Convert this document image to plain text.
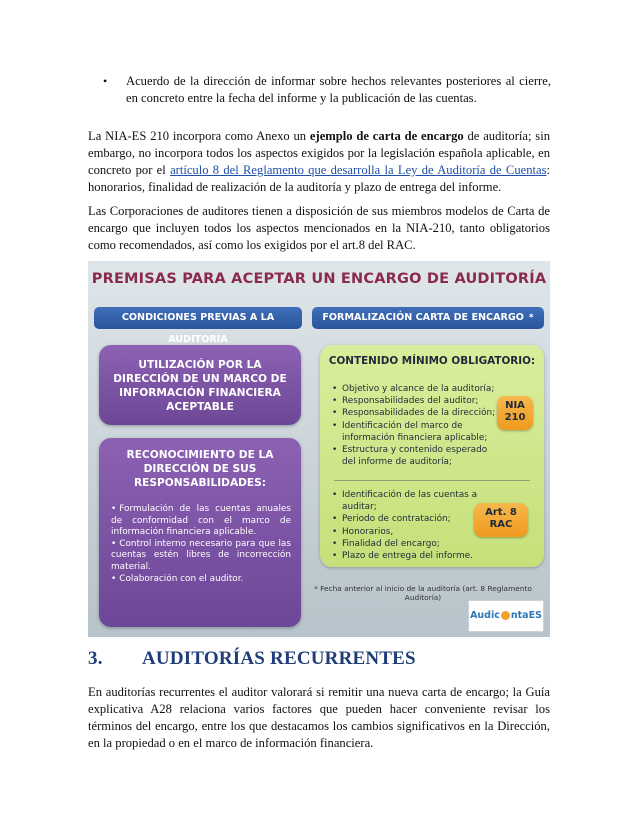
• Acuerdo de la dirección de informar sobre hechos relevantes posteriores al cierre, en concreto entre la fecha del informe y la publicación de las cuentas.

La NIA-ES 210 incorpora como Anexo un ejemplo de carta de encargo de auditoría; sin embargo, no incorpora todos los aspectos exigidos por la legislación española aplicable, en concreto por el artículo 8 del Reglamento que desarrolla la Ley de Auditoría de Cuentas: honorarios, finalidad de realización de la auditoría y plazo de entrega del informe.

Las Corporaciones de auditores tienen a disposición de sus miembros modelos de Carta de encargo que incluyen todos los aspectos mencionados en la NIA-210, tanto obligatorios como recomendados, así como los exigidos por el art.8 del RAC.

PREMISAS PARA ACEPTAR UN ENCARGO DE AUDITORÍA
CONDICIONES PREVIAS A LA AUDITORÍA
FORMALIZACIÓN CARTA DE ENCARGO *
UTILIZACIÓN POR LA DIRECCIÓN DE UN MARCO DE INFORMACIÓN FINANCIERA ACEPTABLE
RECONOCIMIENTO DE LA DIRECCIÓN DE SUS RESPONSABILIDADES:
• Formulación de las cuentas anuales de conformidad con el marco de información financiera aplicable.
• Control interno necesario para que las cuentas estén libres de incorrección material.
• Colaboración con el auditor.
CONTENIDO MÍNIMO OBLIGATORIO:
• Objetivo y alcance de la auditoría;
• Responsabilidades del auditor;
• Responsabilidades de la dirección;
• Identificación del marco de información financiera aplicable;
• Estructura y contenido esperado del informe de auditoría;
• Identificación de las cuentas a auditar;
• Periodo de contratación;
• Honorarios,
• Finalidad del encargo;
• Plazo de entrega del informe.
NIA
210
Art. 8
RAC
* Fecha anterior al inicio de la auditoría (art. 8 Reglamento Auditoría)
Audic ntaES
3. AUDITORÍAS RECURRENTES

En auditorías recurrentes el auditor valorará si remitir una nueva carta de encargo; la Guía explicativa A28 relaciona varios factores que pueden hacer conveniente revisar los términos del encargo, entre los que destacamos los cambios significativos en la Dirección, en la propiedad o en el marco de información financiera.
